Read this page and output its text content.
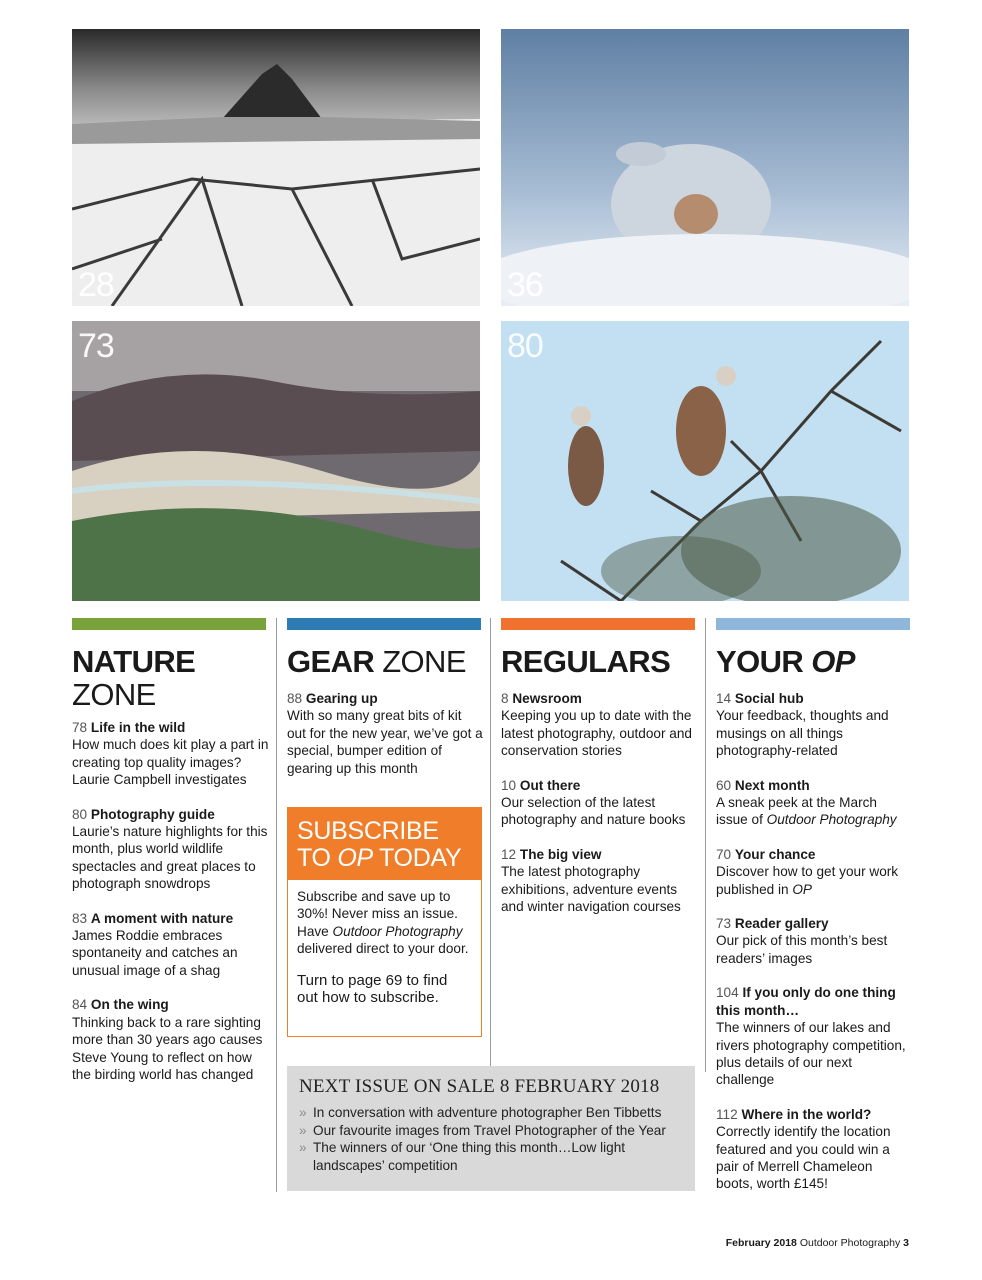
28	36
73	80
NATURE
ZONE
78 Life in the wild

How much does kit play a part in creating top quality images? Laurie Campbell investigates

80 Photography guide

Laurie’s nature highlights for this month, plus world wildlife spectacles and great places to photograph snowdrops

83 A moment with nature

James Roddie embraces spontaneity and catches an unusual image of a shag

84 On the wing

Thinking back to a rare sighting more than 30 years ago causes Steve Young to reflect on how the birding world has changed

GEAR ZONE
88 Gearing up

With so many great bits of kit out for the new year, we’ve got a special, bumper edition of gearing up this month

SUBSCRIBE
TO OP TODAY

Subscribe and save up to 30%! Never miss an issue. Have Outdoor Photography delivered direct to your door.

Turn to page 69 to find out how to subscribe.

REGULARS
8 Newsroom

Keeping you up to date with the latest photography, outdoor and conservation stories

10 Out there

Our selection of the latest photography and nature books

12 The big view

The latest photography exhibitions, adventure events and winter navigation courses

YOUR OP
14 Social hub

Your feedback, thoughts and musings on all things photography-related

60 Next month

A sneak peek at the March issue of Outdoor Photography

70 Your chance

Discover how to get your work published in OP

73 Reader gallery

Our pick of this month’s best readers’ images

104 If you only do one thing this month…

The winners of our lakes and rivers photography competition, plus details of our next challenge

112 Where in the world?

Correctly identify the location featured and you could win a pair of Merrell Chameleon boots, worth £145!

NEXT ISSUE ON SALE 8 FEBRUARY 2018
» In conversation with adventure photographer Ben Tibbetts
» Our favourite images from Travel Photographer of the Year
» The winners of our ‘One thing this month…Low light landscapes’ competition
February 2018 Outdoor Photography 3
